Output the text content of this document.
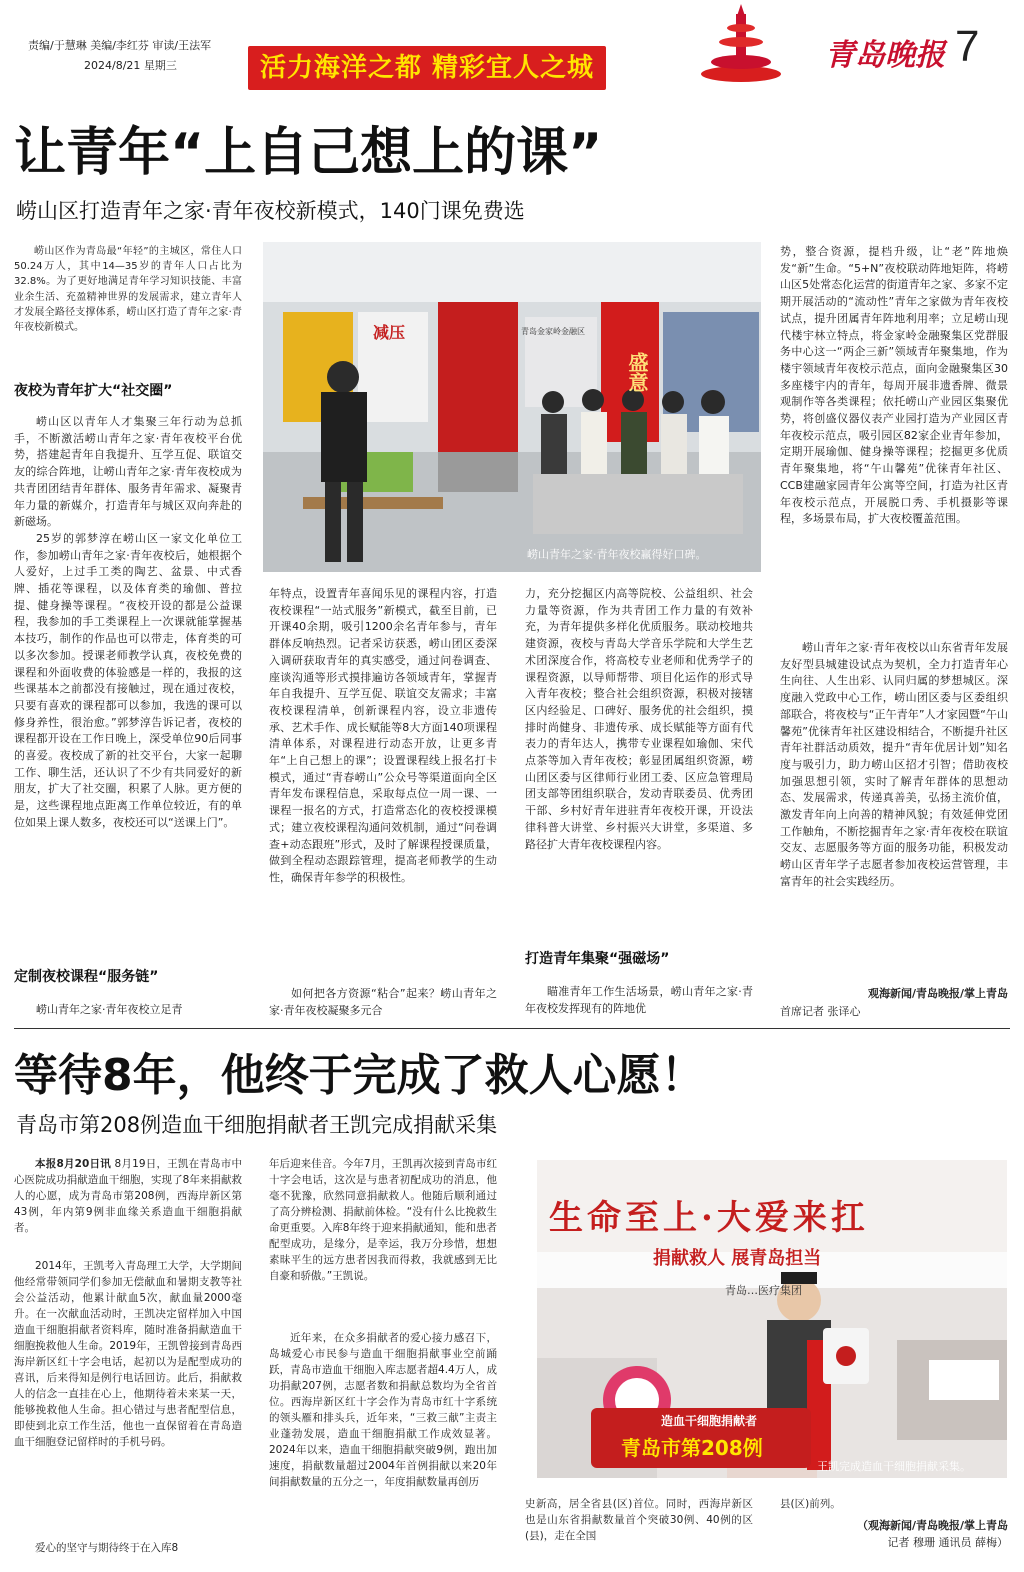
责编/于慧琳 美编/李红芬 审读/王法军
2024/8/21 星期三	活力海洋之都 精彩宜人之城	青岛晚报 7
让青年“上自己想上的课”
崂山区打造青年之家·青年夜校新模式，140门课免费选

崂山区作为青岛最“年轻”的主城区，常住人口50.24万人，其中14—35岁的青年人口占比为32.8%。为了更好地满足青年学习知识技能、丰富业余生活、充盈精神世界的发展需求，建立青年人才发展全路径支撑体系，崂山区打造了青年之家·青年夜校新模式。

夜校为青年扩大“社交圈”

崂山区以青年人才集聚三年行动为总抓手，不断激活崂山青年之家·青年夜校平台优势，搭建起青年自我提升、互学互促、联谊交友的综合阵地，让崂山青年之家·青年夜校成为共青团团结青年群体、服务青年需求、凝聚青年力量的新媒介，打造青年与城区双向奔赴的新磁场。

25岁的郭梦淳在崂山区一家文化单位工作，参加崂山青年之家·青年夜校后，她根据个人爱好，上过手工类的陶艺、盆景、中式香牌、插花等课程，以及体育类的瑜伽、普拉提、健身操等课程。“夜校开设的都是公益课程，我参加的手工类课程上一次课就能掌握基本技巧，制作的作品也可以带走，体育类的可以多次参加。授课老师教学认真，夜校免费的课程和外面收费的体验感是一样的，我报的这些课基本之前都没有接触过，现在通过夜校，只要有喜欢的课程都可以参加，我选的课可以修身养性，很治愈。”郭梦淳告诉记者，夜校的课程都开设在工作日晚上，深受单位90后同事的喜爱。夜校成了新的社交平台，大家一起聊工作、聊生活，还认识了不少有共同爱好的新朋友，扩大了社交圈，积累了人脉。更方便的是，这些课程地点距离工作单位较近，有的单位如果上课人数多，夜校还可以“送课上门”。

定制夜校课程“服务链”

崂山青年之家·青年夜校立足青

减压
盛意
青岛金家岭金融区
崂山青年之家·青年夜校赢得好口碑。

年特点，设置青年喜闻乐见的课程内容，打造夜校课程“一站式服务”新模式，截至目前，已开课40余期，吸引1200余名青年参与，青年群体反响热烈。记者采访获悉，崂山团区委深入调研获取青年的真实感受，通过问卷调查、座谈沟通等形式摸排遍访各领域青年，掌握青年自我提升、互学互促、联谊交友需求；丰富夜校课程清单，创新课程内容，设立非遗传承、艺术手作、成长赋能等8大方面140项课程清单体系，对课程进行动态开放，让更多青年“上自己想上的课”；设置课程线上报名打卡模式，通过“青春崂山”公众号等渠道面向全区青年发布课程信息，采取每点位一周一课、一课程一报名的方式，打造常态化的夜校授课模式；建立夜校课程沟通问效机制，通过“问卷调查+动态跟班”形式，及时了解课程授课质量，做到全程动态跟踪管理，提高老师教学的生动性，确保青年参学的积极性。

如何把各方资源“粘合”起来？崂山青年之家·青年夜校凝聚多元合

力，充分挖掘区内高等院校、公益组织、社会力量等资源，作为共青团工作力量的有效补充，为青年提供多样化优质服务。联动校地共建资源，夜校与青岛大学音乐学院和大学生艺术团深度合作，将高校专业老师和优秀学子的课程资源，以导师帮带、项目化运作的形式导入青年夜校；整合社会组织资源，积极对接辖区内经验足、口碑好、服务优的社会组织，摸排时尚健身、非遗传承、成长赋能等方面有代表力的青年达人，携带专业课程如瑜伽、宋代点茶等加入青年夜校；彰显团属组织资源，崂山团区委与区律师行业团工委、区应急管理局团支部等团组织联合，发动青联委员、优秀团干部、乡村好青年进驻青年夜校开课，开设法律科普大讲堂、乡村振兴大讲堂，多渠道、多路径扩大青年夜校课程内容。

打造青年集聚“强磁场”

瞄准青年工作生活场景，崂山青年之家·青年夜校发挥现有的阵地优

势，整合资源，提档升级，让“老”阵地焕发“新”生命。“5+N”夜校联动阵地矩阵，将崂山区5处常态化运营的街道青年之家、多家不定期开展活动的“流动性”青年之家做为青年夜校试点，提升团属青年阵地利用率；立足崂山现代楼宇林立特点，将金家岭金融聚集区党群服务中心这一“两企三新”领域青年聚集地，作为楼宇领域青年夜校示范点，面向金融聚集区30多座楼宇内的青年，每周开展非遗香牌、微景观制作等各类课程；依托崂山产业园区集聚优势，将创盛仪器仪表产业园打造为产业园区青年夜校示范点，吸引园区82家企业青年参加，定期开展瑜伽、健身操等课程；挖掘更多优质青年聚集地，将“午山馨苑”优徕青年社区、CCB建融家园青年公寓等空间，打造为社区青年夜校示范点，开展脱口秀、手机摄影等课程，多场景布局，扩大夜校覆盖范围。

崂山青年之家·青年夜校以山东省青年发展友好型县城建设试点为契机，全力打造青年心生向往、人生出彩、认同归属的梦想城区。深度融入党政中心工作，崂山团区委与区委组织部联合，将夜校与“正午青年”人才家园暨“午山馨苑”优徕青年社区建设相结合，不断提升社区青年社群活动质效，提升“青年优居计划”知名度与吸引力，助力崂山区招才引智；借助夜校加强思想引领，实时了解青年群体的思想动态、发展需求，传递真善美，弘扬主流价值，激发青年向上向善的精神风貌；有效延伸党团工作触角，不断挖掘青年之家·青年夜校在联谊交友、志愿服务等方面的服务功能，积极发动崂山区青年学子志愿者参加夜校运营管理，丰富青年的社会实践经历。

观海新闻/青岛晚报/掌上青岛
首席记者 张译心
等待8年，他终于完成了救人心愿！
青岛市第208例造血干细胞捐献者王凯完成捐献采集

本报8月20日讯 8月19日，王凯在青岛市中心医院成功捐献造血干细胞，实现了8年来捐献救人的心愿，成为青岛市第208例，西海岸新区第43例，年内第9例非血缘关系造血干细胞捐献者。

2014年，王凯考入青岛理工大学，大学期间他经常带领同学们参加无偿献血和暑期支教等社会公益活动，他累计献血5次，献血量2000毫升。在一次献血活动时，王凯决定留样加入中国造血干细胞捐献者资料库，随时准备捐献造血干细胞挽救他人生命。2019年，王凯曾接到青岛西海岸新区红十字会电话，起初以为是配型成功的喜讯，后来得知是例行电话回访。此后，捐献救人的信念一直挂在心上，他期待着未来某一天，能够挽救他人生命。担心错过与患者配型信息，即使到北京工作生活，他也一直保留着在青岛造血干细胞登记留样时的手机号码。

爱心的坚守与期待终于在入库8

年后迎来佳音。今年7月，王凯再次接到青岛市红十字会电话，这次是与患者初配成功的消息，他毫不犹豫，欣然同意捐献救人。他随后顺利通过了高分辨检测、捐献前体检。“没有什么比挽救生命更重要。入库8年终于迎来捐献通知，能和患者配型成功，是缘分，是幸运，我万分珍惜，想想素昧平生的远方患者因我而得救，我就感到无比自豪和骄傲。”王凯说。

近年来，在众多捐献者的爱心接力感召下，岛城爱心市民参与造血干细胞捐献事业空前踊跃，青岛市造血干细胞入库志愿者超4.4万人，成功捐献207例，志愿者数和捐献总数均为全省首位。西海岸新区红十字会作为青岛市红十字系统的领头雁和排头兵，近年来，“三救三献”主责主业蓬勃发展，造血干细胞捐献工作成效显著。2024年以来，造血干细胞捐献突破9例，跑出加速度，捐献数量超过2004年首例捐献以来20年间捐献数量的五分之一，年度捐献数量再创历

生命至上·大爱来扛
捐献救人 展青岛担当
青岛…医疗集团
造血干细胞捐献者
青岛市第208例
王凯完成造血干细胞捐献采集。

史新高，居全省县(区)首位。同时，西海岸新区也是山东省捐献数量首个突破30例、40例的区(县)，走在全国

县(区)前列。

（观海新闻/青岛晚报/掌上青岛
记者 穆珊 通讯员 薛梅）
